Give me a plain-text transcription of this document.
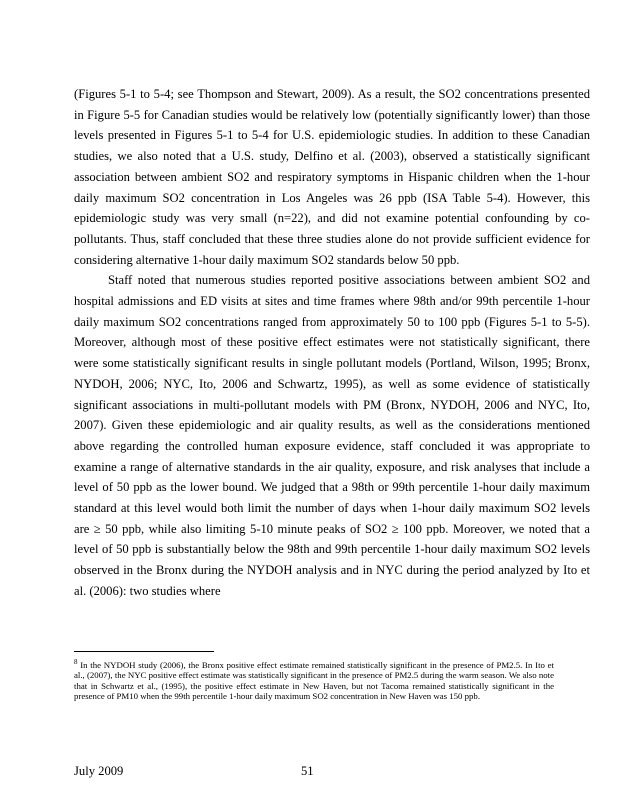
(Figures 5-1 to 5-4; see Thompson and Stewart, 2009). As a result, the SO2 concentrations presented in Figure 5-5 for Canadian studies would be relatively low (potentially significantly lower) than those levels presented in Figures 5-1 to 5-4 for U.S. epidemiologic studies. In addition to these Canadian studies, we also noted that a U.S. study, Delfino et al. (2003), observed a statistically significant association between ambient SO2 and respiratory symptoms in Hispanic children when the 1-hour daily maximum SO2 concentration in Los Angeles was 26 ppb (ISA Table 5-4). However, this epidemiologic study was very small (n=22), and did not examine potential confounding by co-pollutants. Thus, staff concluded that these three studies alone do not provide sufficient evidence for considering alternative 1-hour daily maximum SO2 standards below 50 ppb.

Staff noted that numerous studies reported positive associations between ambient SO2 and hospital admissions and ED visits at sites and time frames where 98th and/or 99th percentile 1-hour daily maximum SO2 concentrations ranged from approximately 50 to 100 ppb (Figures 5-1 to 5-5). Moreover, although most of these positive effect estimates were not statistically significant, there were some statistically significant results in single pollutant models (Portland, Wilson, 1995; Bronx, NYDOH, 2006; NYC, Ito, 2006 and Schwartz, 1995), as well as some evidence of statistically significant associations in multi-pollutant models with PM (Bronx, NYDOH, 2006 and NYC, Ito, 2007). Given these epidemiologic and air quality results, as well as the considerations mentioned above regarding the controlled human exposure evidence, staff concluded it was appropriate to examine a range of alternative standards in the air quality, exposure, and risk analyses that include a level of 50 ppb as the lower bound. We judged that a 98th or 99th percentile 1-hour daily maximum standard at this level would both limit the number of days when 1-hour daily maximum SO2 levels are ≥ 50 ppb, while also limiting 5-10 minute peaks of SO2 ≥ 100 ppb. Moreover, we noted that a level of 50 ppb is substantially below the 98th and 99th percentile 1-hour daily maximum SO2 levels observed in the Bronx during the NYDOH analysis and in NYC during the period analyzed by Ito et al. (2006): two studies where

$^8$ In the NYDOH study (2006), the Bronx positive effect estimate remained statistically significant in the presence of PM2.5. In Ito et al., (2007), the NYC positive effect estimate was statistically significant in the presence of PM2.5 during the warm season. We also note that in Schwartz et al., (1995), the positive effect estimate in New Haven, but not Tacoma remained statistically significant in the presence of PM10 when the 99th percentile 1-hour daily maximum SO2 concentration in New Haven was 150 ppb.
July 2009	51
